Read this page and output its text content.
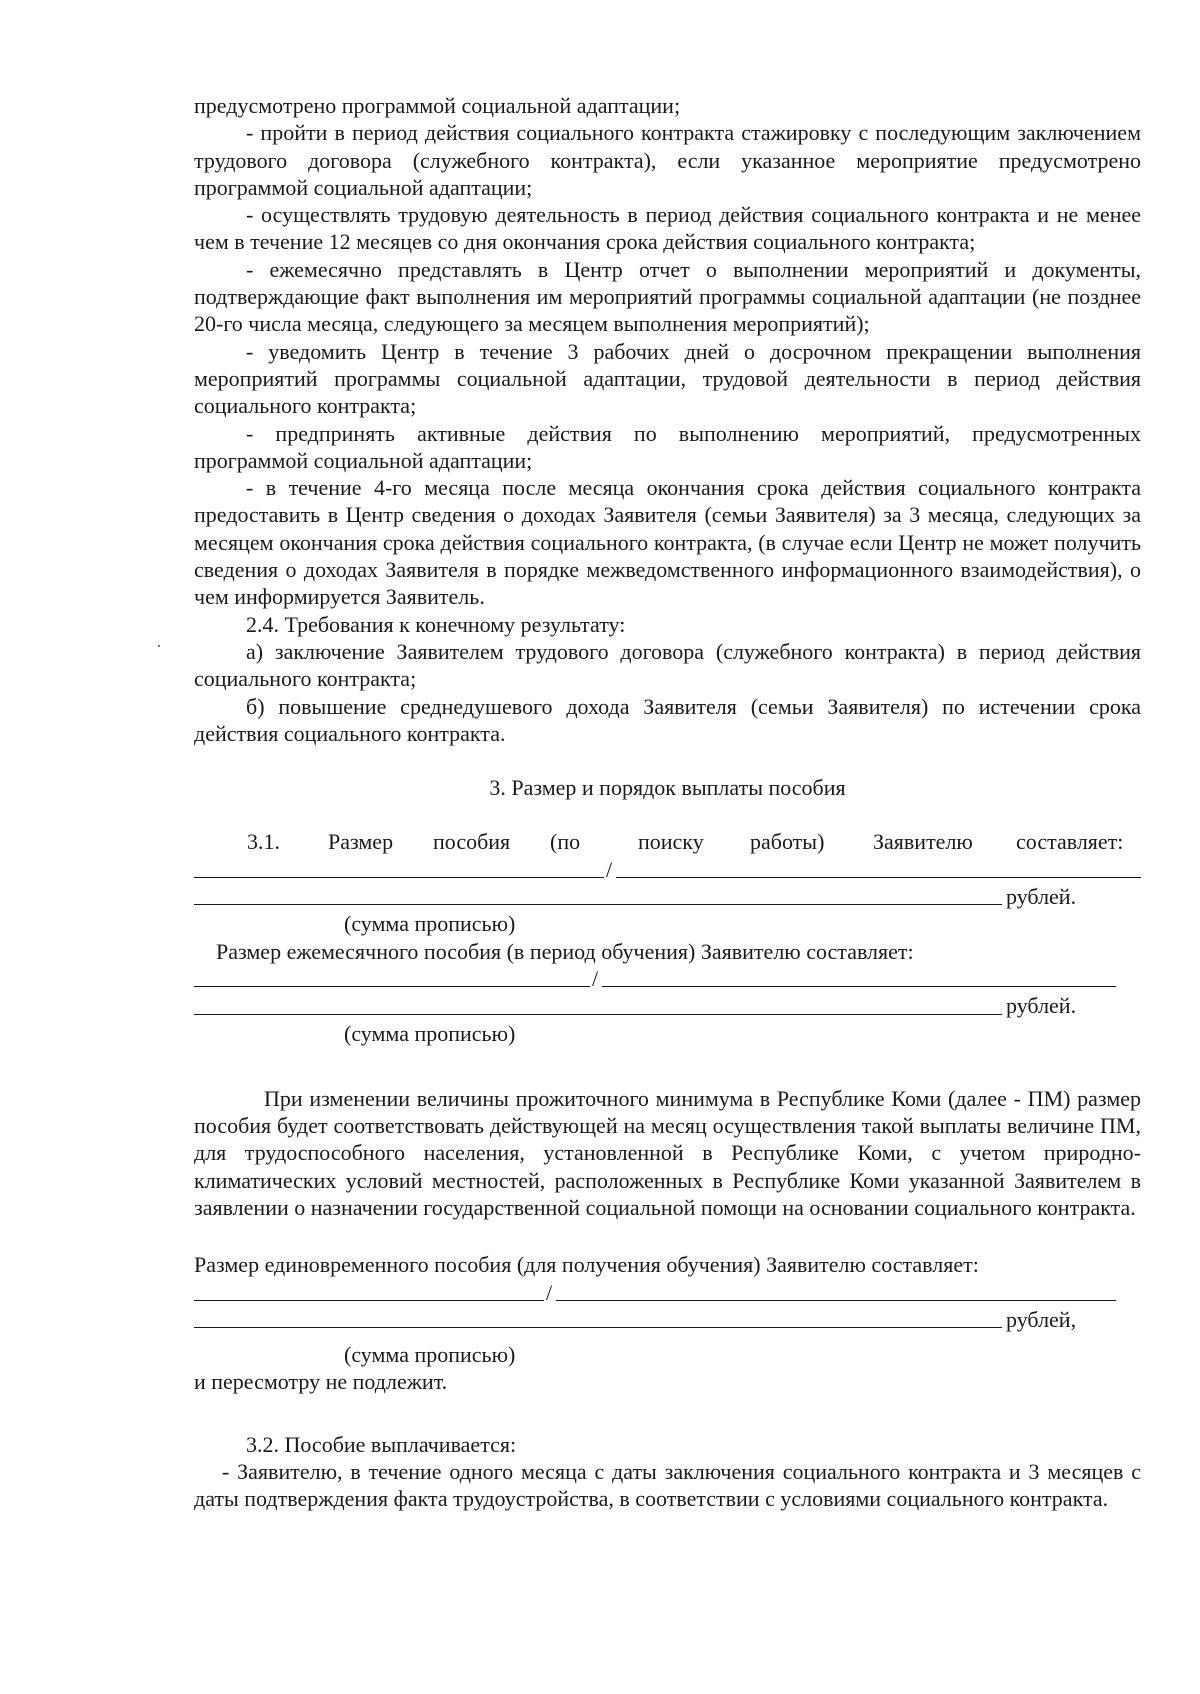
предусмотрено программой социальной адаптации;

- пройти в период действия социального контракта стажировку с последующим заключением трудового договора (служебного контракта), если указанное мероприятие предусмотрено программой социальной адаптации;

- осуществлять трудовую деятельность в период действия социального контракта и не менее чем в течение 12 месяцев со дня окончания срока действия социального контракта;

- ежемесячно представлять в Центр отчет о выполнении мероприятий и документы, подтверждающие факт выполнения им мероприятий программы социальной адаптации (не позднее 20-го числа месяца, следующего за месяцем выполнения мероприятий);

- уведомить Центр в течение 3 рабочих дней о досрочном прекращении выполнения мероприятий программы социальной адаптации, трудовой деятельности в период действия социального контракта;

- предпринять активные действия по выполнению мероприятий, предусмотренных программой социальной адаптации;

- в течение 4-го месяца после месяца окончания срока действия социального контракта предоставить в Центр сведения о доходах Заявителя (семьи Заявителя) за 3 месяца, следующих за месяцем окончания срока действия социального контракта, (в случае если Центр не может получить сведения о доходах Заявителя в порядке межведомственного информационного взаимодействия), о чем информируется Заявитель.

2.4. Требования к конечному результату:

а) заключение Заявителем трудового договора (служебного контракта) в период действия социального контракта;

б) повышение среднедушевого дохода Заявителя (семьи Заявителя) по истечении срока действия социального контракта.

3. Размер и порядок выплаты пособия

3.1. Размер пособия (по	поиску работы) Заявителю составляет:
/
рублей.

(сумма прописью)

Размер ежемесячного пособия (в период обучения) Заявителю составляет:

/
рублей.

(сумма прописью)

При изменении величины прожиточного минимума в Республике Коми (далее - ПМ) размер пособия будет соответствовать действующей на месяц осуществления такой выплаты величине ПМ, для трудоспособного населения, установленной в Республике Коми, с учетом природно-климатических условий местностей, расположенных в Республике Коми указанной Заявителем в заявлении о назначении государственной социальной помощи на основании социального контракта.

Размер единовременного пособия (для получения обучения) Заявителю составляет:

/
рублей,

(сумма прописью)

и пересмотру не подлежит.

3.2. Пособие выплачивается:

- Заявителю, в течение одного месяца с даты заключения социального контракта и 3 месяцев с даты подтверждения факта трудоустройства, в соответствии с условиями социального контракта.
